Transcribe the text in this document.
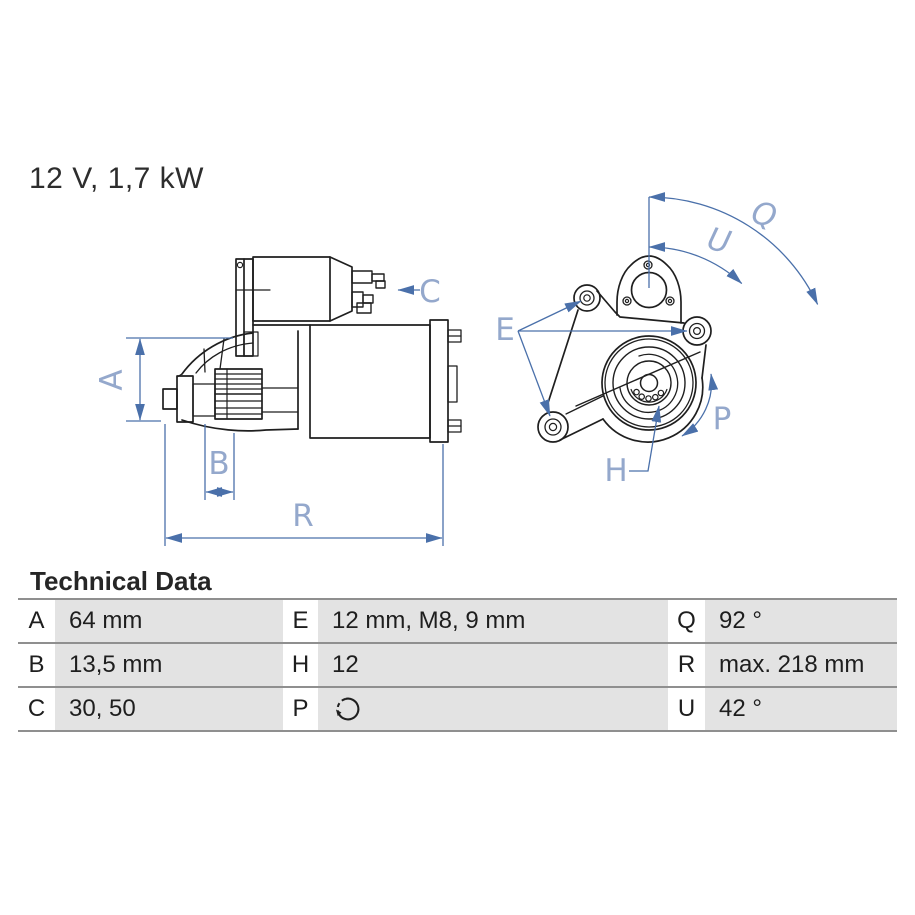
12 V, 1,7 kW
A
B
R
C
E
H
P
Q
U
Technical Data
A	64 mm	E 12 mm, M8, 9 mm	Q 92 °
B	13,5 mm	H 12	R max. 218 mm
C 30, 50	P	U 42 °
